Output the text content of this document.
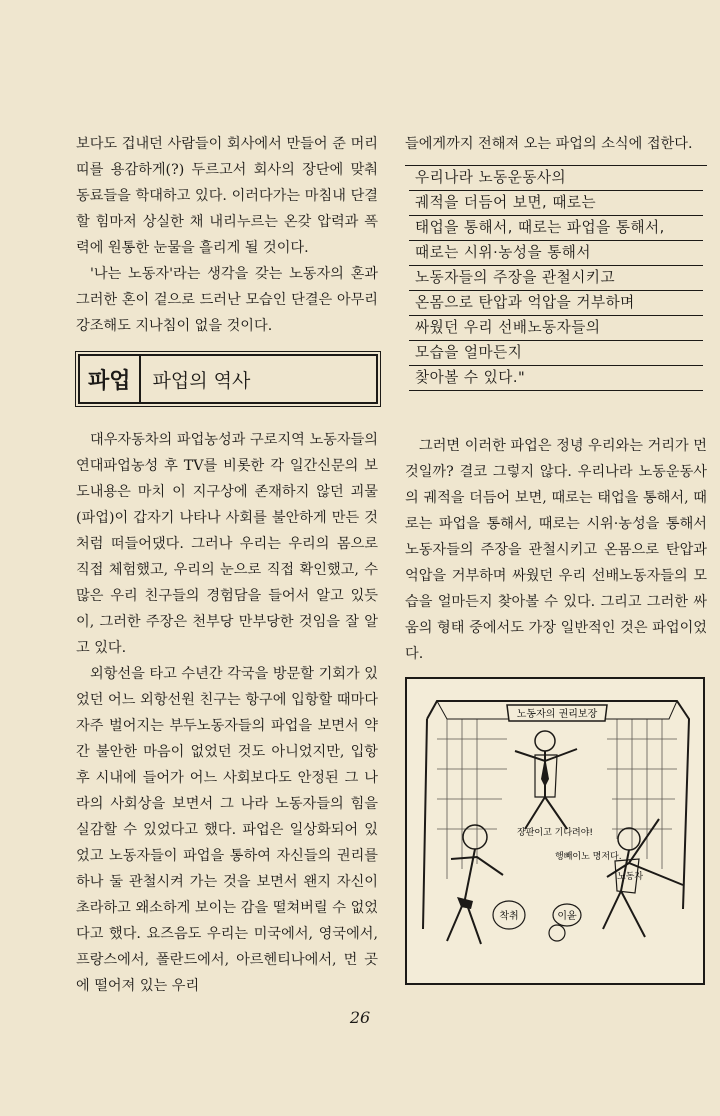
보다도 겁내던 사람들이 회사에서 만들어 준 머리띠를 용감하게(?) 두르고서 회사의 장단에 맞춰 동료들을 학대하고 있다. 이러다가는 마침내 단결할 힘마저 상실한 채 내리누르는 온갖 압력과 폭력에 원통한 눈물을 흘리게 될 것이다.

'나는 노동자'라는 생각을 갖는 노동자의 혼과 그러한 혼이 겉으로 드러난 모습인 단결은 아무리 강조해도 지나침이 없을 것이다.

파업	파업의 역사

대우자동차의 파업농성과 구로지역 노동자들의 연대파업농성 후 TV를 비롯한 각 일간신문의 보도내용은 마치 이 지구상에 존재하지 않던 괴물(파업)이 갑자기 나타나 사회를 불안하게 만든 것처럼 떠들어댔다. 그러나 우리는 우리의 몸으로 직접 체험했고, 우리의 눈으로 직접 확인했고, 수많은 우리 친구들의 경험담을 들어서 알고 있듯이, 그러한 주장은 천부당 만부당한 것임을 잘 알고 있다.

외항선을 타고 수년간 각국을 방문할 기회가 있었던 어느 외항선원 친구는 항구에 입항할 때마다 자주 벌어지는 부두노동자들의 파업을 보면서 약간 불안한 마음이 없었던 것도 아니었지만, 입항 후 시내에 들어가 어느 사회보다도 안정된 그 나라의 사회상을 보면서 그 나라 노동자들의 힘을 실감할 수 있었다고 했다. 파업은 일상화되어 있었고 노동자들이 파업을 통하여 자신들의 권리를 하나 둘 관철시켜 가는 것을 보면서 왠지 자신이 초라하고 왜소하게 보이는 감을 떨쳐버릴 수 없었다고 했다. 요즈음도 우리는 미국에서, 영국에서, 프랑스에서, 폴란드에서, 아르헨티나에서, 먼 곳에 떨어져 있는 우리

들에게까지 전해져 오는 파업의 소식에 접한다.

우리나라 노동운동사의
궤적을 더듬어 보면, 때로는
태업을 통해서, 때로는 파업을 통해서,
때로는 시위·농성을 통해서
노동자들의 주장을 관철시키고
온몸으로 탄압과 억압을 거부하며
싸웠던 우리 선배노동자들의
모습을 얼마든지
찾아볼 수 있다."

그러면 이러한 파업은 정녕 우리와는 거리가 먼 것일까? 결코 그렇지 않다. 우리나라 노동운동사의 궤적을 더듬어 보면, 때로는 태업을 통해서, 때로는 파업을 통해서, 때로는 시위·농성을 통해서 노동자들의 주장을 관철시키고 온몸으로 탄압과 억압을 거부하며 싸웠던 우리 선배노동자들의 모습을 얼마든지 찾아볼 수 있다. 그리고 그러한 싸움의 형태 중에서도 가장 일반적인 것은 파업이었다.

노동자의 권리보장
노동자
장판이고 기다려야!
행빼이노 명저다.
착취	이윤
26
